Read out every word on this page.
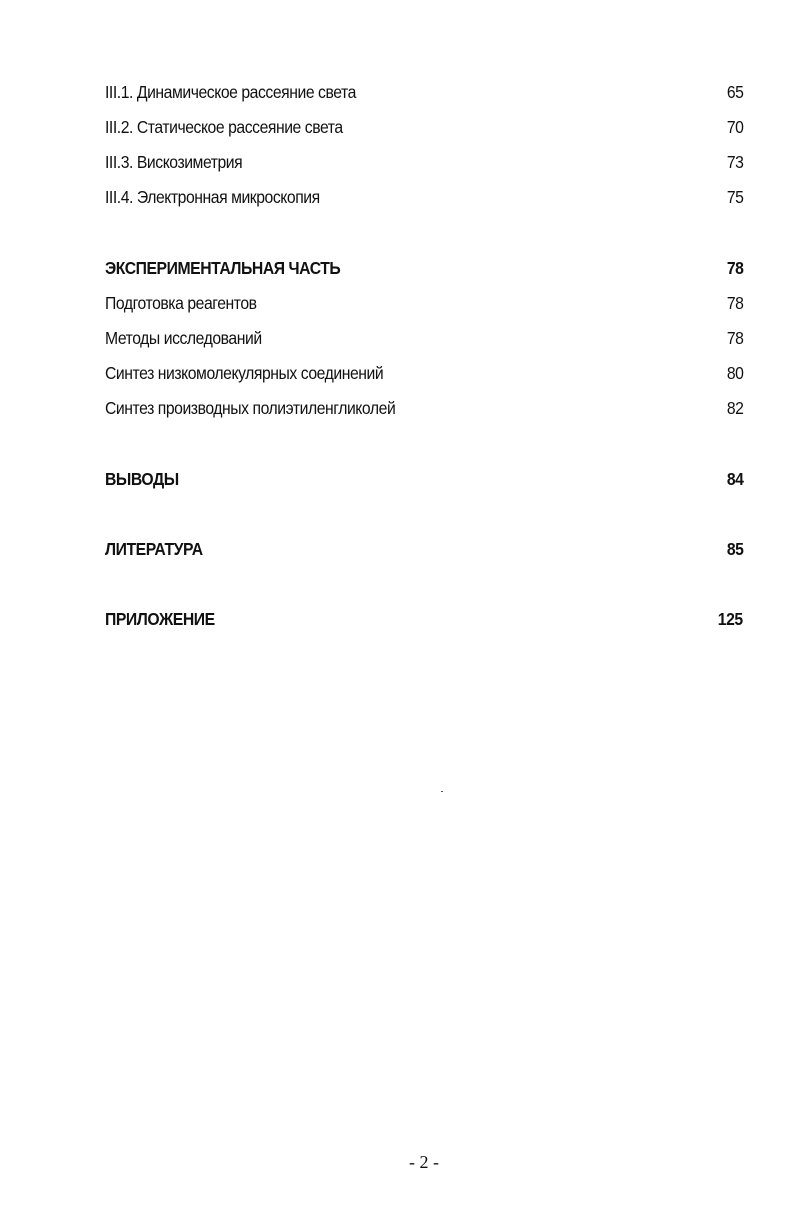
III.1. Динамическое рассеяние света	65
III.2. Статическое рассеяние света	70
III.3. Вискозиметрия	73
III.4. Электронная микроскопия	75
ЭКСПЕРИМЕНТАЛЬНАЯ ЧАСТЬ	78
Подготовка реагентов	78
Методы исследований	78
Синтез низкомолекулярных соединений	80
Синтез производных полиэтиленгликолей	82
ВЫВОДЫ	84
ЛИТЕРАТУРА	85
ПРИЛОЖЕНИЕ	125
- 2 -
